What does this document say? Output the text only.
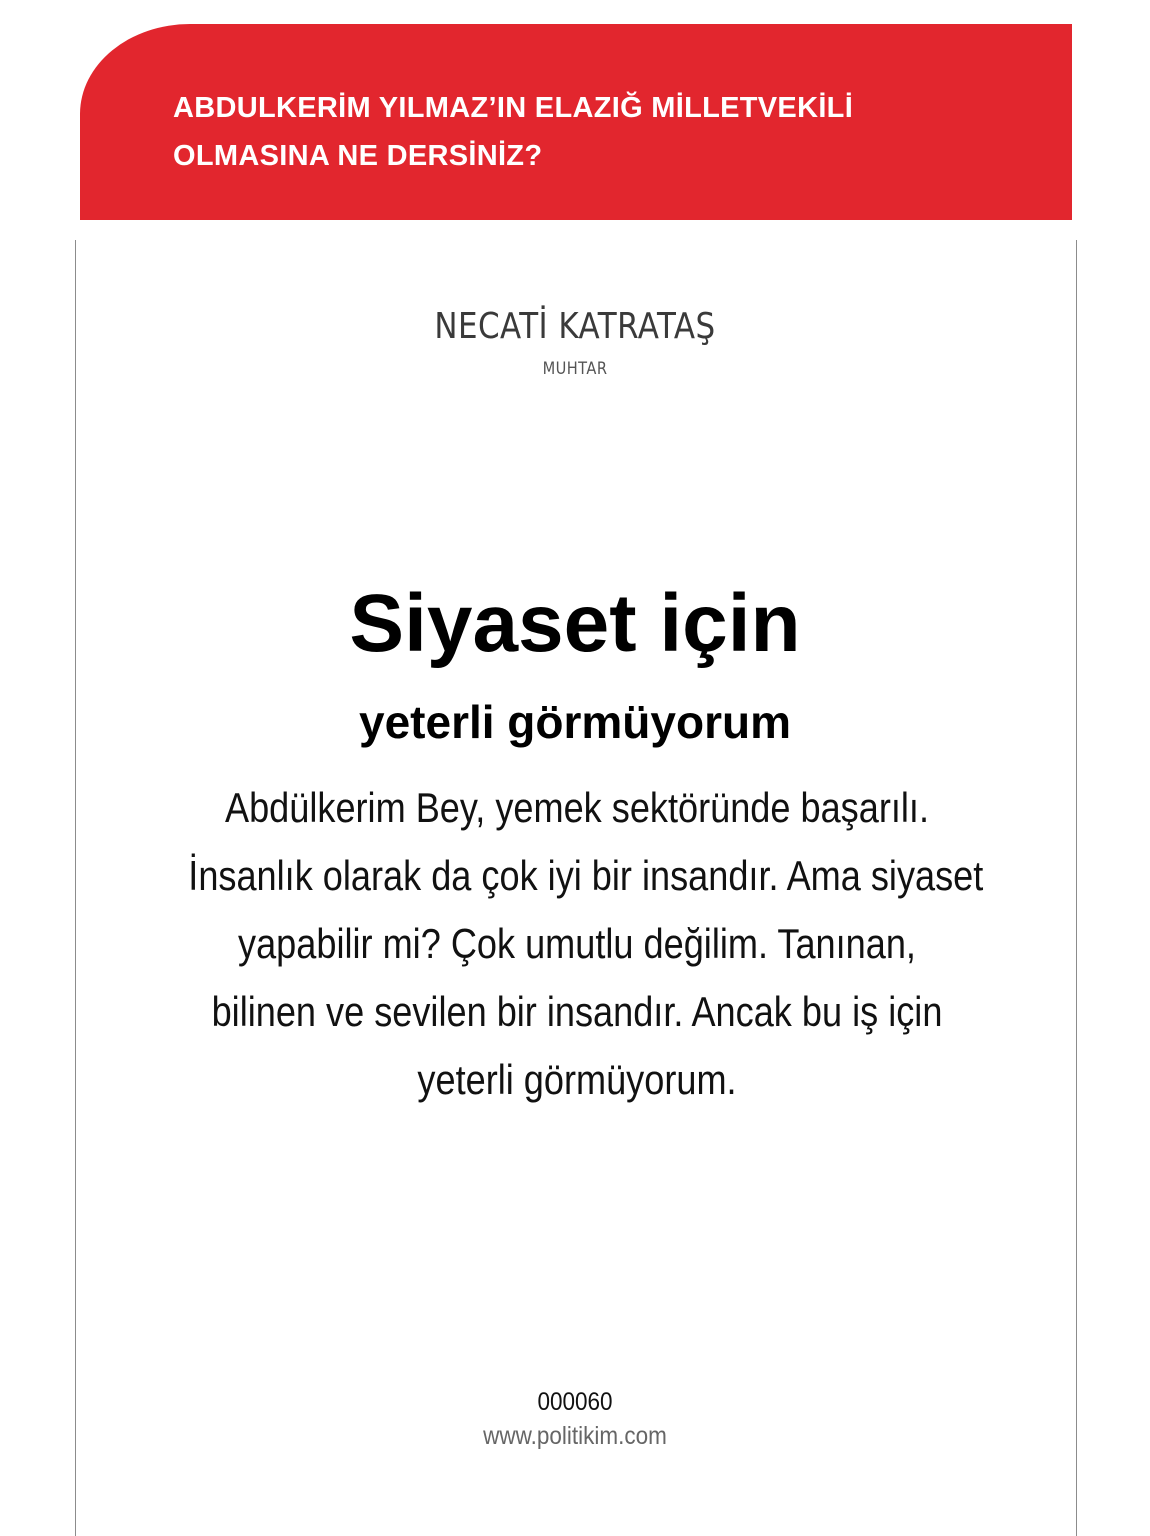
ABDULKERİM YILMAZ’IN ELAZIĞ MİLLETVEKİLİ
OLMASINA NE DERSİNİZ?
NECATİ KATRATAŞ
MUHTAR
Siyaset için
yeterli görmüyorum
Abdülkerim Bey, yemek sektöründe başarılı.
İnsanlık olarak da çok iyi bir insandır. Ama siyaset
yapabilir mi? Çok umutlu değilim. Tanınan,
bilinen ve sevilen bir insandır. Ancak bu iş için
yeterli görmüyorum.
000060
www.politikim.com
